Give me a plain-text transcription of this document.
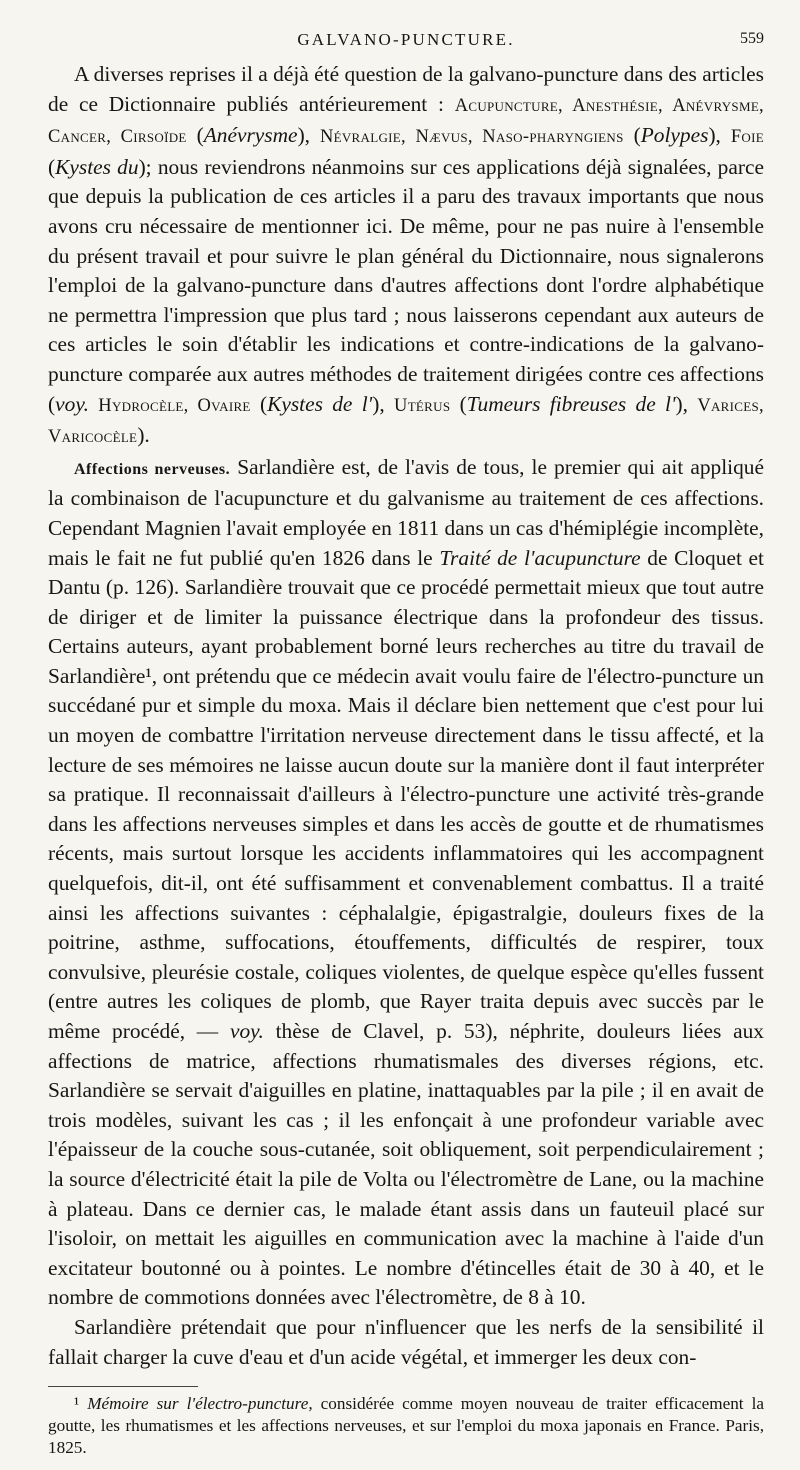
GALVANO-PUNCTURE.	559

A diverses reprises il a déjà été question de la galvano-puncture dans des articles de ce Dictionnaire publiés antérieurement : Acupuncture, Anesthésie, Anévrysme, Cancer, Cirsoïde (Anévrysme), Névralgie, Nævus, Naso-pharyngiens (Polypes), Foie (Kystes du); nous reviendrons néanmoins sur ces applications déjà signalées, parce que depuis la publication de ces articles il a paru des travaux importants que nous avons cru nécessaire de mentionner ici. De même, pour ne pas nuire à l'ensemble du présent travail et pour suivre le plan général du Dictionnaire, nous signalerons l'emploi de la galvano-puncture dans d'autres affections dont l'ordre alphabétique ne permettra l'impression que plus tard ; nous laisserons cependant aux auteurs de ces articles le soin d'établir les indications et contre-indications de la galvano-puncture comparée aux autres méthodes de traitement dirigées contre ces affections (voy. Hydrocèle, Ovaire (Kystes de l'), Utérus (Tumeurs fibreuses de l'), Varices, Varicocèle).

Affections nerveuses. Sarlandière est, de l'avis de tous, le premier qui ait appliqué la combinaison de l'acupuncture et du galvanisme au traitement de ces affections. Cependant Magnien l'avait employée en 1811 dans un cas d'hémiplégie incomplète, mais le fait ne fut publié qu'en 1826 dans le Traité de l'acupuncture de Cloquet et Dantu (p. 126). Sarlandière trouvait que ce procédé permettait mieux que tout autre de diriger et de limiter la puissance électrique dans la profondeur des tissus. Certains auteurs, ayant probablement borné leurs recherches au titre du travail de Sarlandière¹, ont prétendu que ce médecin avait voulu faire de l'électro-puncture un succédané pur et simple du moxa. Mais il déclare bien nettement que c'est pour lui un moyen de combattre l'irritation nerveuse directement dans le tissu affecté, et la lecture de ses mémoires ne laisse aucun doute sur la manière dont il faut interpréter sa pratique. Il reconnaissait d'ailleurs à l'électro-puncture une activité très-grande dans les affections nerveuses simples et dans les accès de goutte et de rhumatismes récents, mais surtout lorsque les accidents inflammatoires qui les accompagnent quelquefois, dit-il, ont été suffisamment et convenablement combattus. Il a traité ainsi les affections suivantes : céphalalgie, épigastralgie, douleurs fixes de la poitrine, asthme, suffocations, étouffements, difficultés de respirer, toux convulsive, pleurésie costale, coliques violentes, de quelque espèce qu'elles fussent (entre autres les coliques de plomb, que Rayer traita depuis avec succès par le même procédé, — voy. thèse de Clavel, p. 53), néphrite, douleurs liées aux affections de matrice, affections rhumatismales des diverses régions, etc. Sarlandière se servait d'aiguilles en platine, inattaquables par la pile ; il en avait de trois modèles, suivant les cas ; il les enfonçait à une profondeur variable avec l'épaisseur de la couche sous-cutanée, soit obliquement, soit perpendiculairement ; la source d'électricité était la pile de Volta ou l'électromètre de Lane, ou la machine à plateau. Dans ce dernier cas, le malade étant assis dans un fauteuil placé sur l'isoloir, on mettait les aiguilles en communication avec la machine à l'aide d'un excitateur boutonné ou à pointes. Le nombre d'étincelles était de 30 à 40, et le nombre de commotions données avec l'électromètre, de 8 à 10.

Sarlandière prétendait que pour n'influencer que les nerfs de la sensibilité il fallait charger la cuve d'eau et d'un acide végétal, et immerger les deux con-

¹ Mémoire sur l'électro-puncture, considérée comme moyen nouveau de traiter efficacement la goutte, les rhumatismes et les affections nerveuses, et sur l'emploi du moxa japonais en France. Paris, 1825.
